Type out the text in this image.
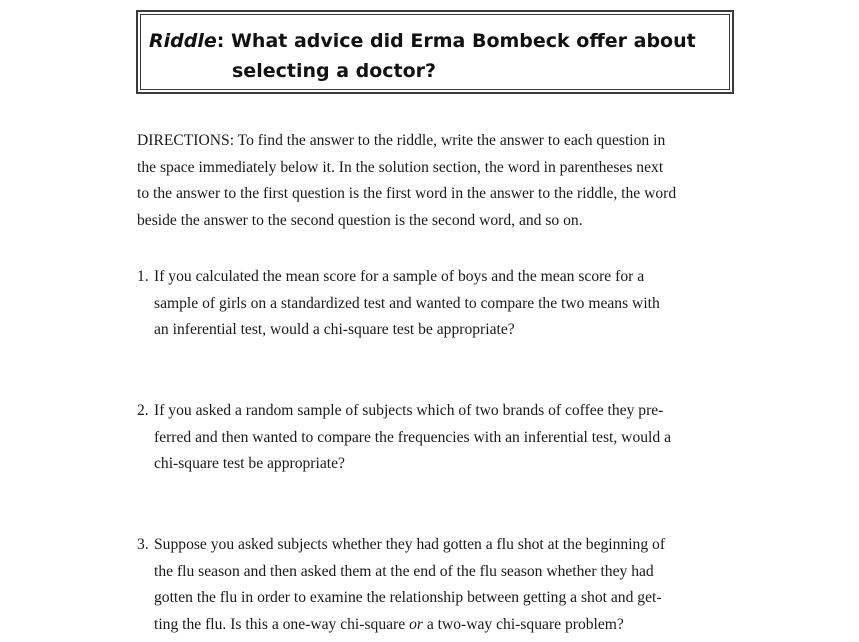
Riddle: What advice did Erma Bombeck offer about
selecting a doctor?
DIRECTIONS: To find the answer to the riddle, write the answer to each question in
the space immediately below it. In the solution section, the word in parentheses next
to the answer to the first question is the first word in the answer to the riddle, the word
beside the answer to the second question is the second word, and so on.
1. If you calculated the mean score for a sample of boys and the mean score for a
sample of girls on a standardized test and wanted to compare the two means with
an inferential test, would a chi-square test be appropriate?
2. If you asked a random sample of subjects which of two brands of coffee they pre-
ferred and then wanted to compare the frequencies with an inferential test, would a
chi-square test be appropriate?
3. Suppose you asked subjects whether they had gotten a flu shot at the beginning of
the flu season and then asked them at the end of the flu season whether they had
gotten the flu in order to examine the relationship between getting a shot and get-
ting the flu. Is this a one-way chi-square or a two-way chi-square problem?
